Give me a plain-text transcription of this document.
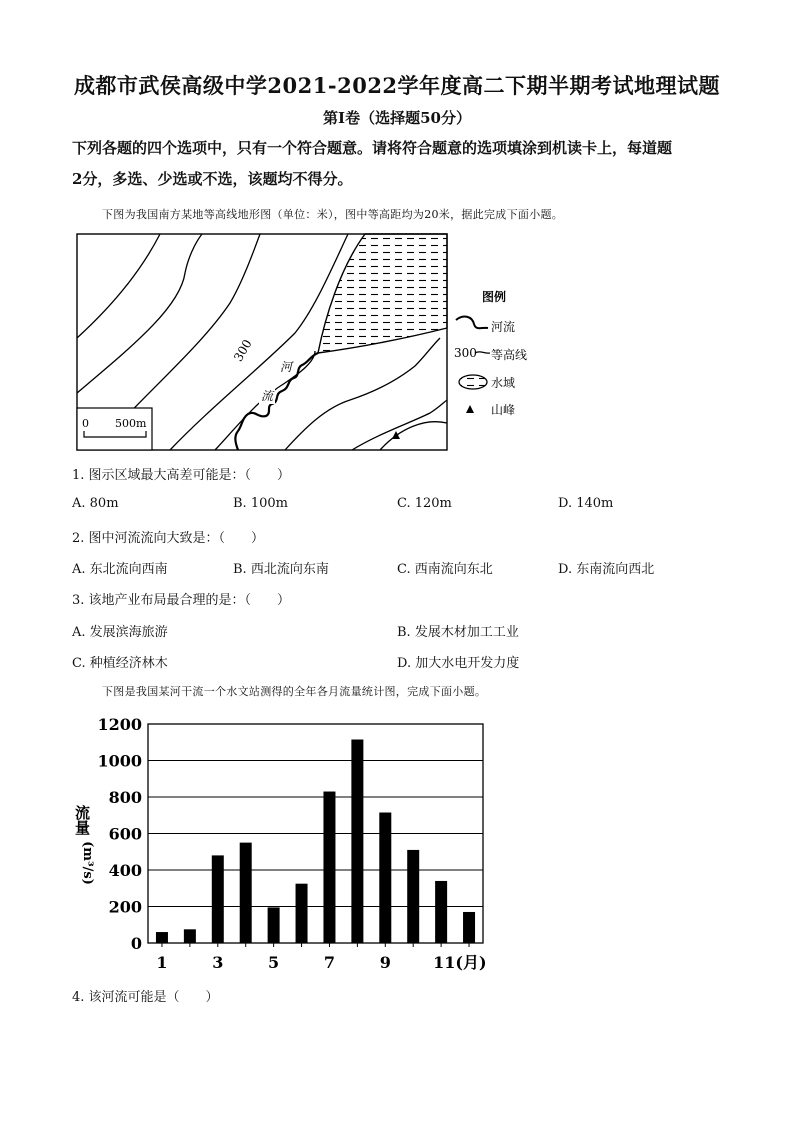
成都市武侯高级中学2021-2022学年度高二下期半期考试地理试题
第Ⅰ卷（选择题50分）
下列各题的四个选项中，只有一个符合题意。请将符合题意的选项填涂到机读卡上，每道题
2分，多选、少选或不选，该题均不得分。
下图为我国南方某地等高线地形图（单位：米），图中等高距均为20米，据此完成下面小题。
300
河
流
0 500m
图例
河流
300 等高线
水域
山峰
1. 图示区域最大高差可能是：（　　）
A. 80m	B. 100m	C. 120m	D. 140m
2. 图中河流流向大致是：（　　）
A. 东北流向西南	B. 西北流向东南	C. 西南流向东北	D. 东南流向西北
3. 该地产业布局最合理的是：（　　）
A. 发展滨海旅游	B. 发展木材加工工业
C. 种植经济林木	D. 加大水电开发力度
下图是我国某河干流一个水文站测得的全年各月流量统计图，完成下面小题。
0
200
400
600
800
1000
1200
1	3	5	7	9	11(月)
流量
(m³/s)
4. 该河流可能是（　　）
